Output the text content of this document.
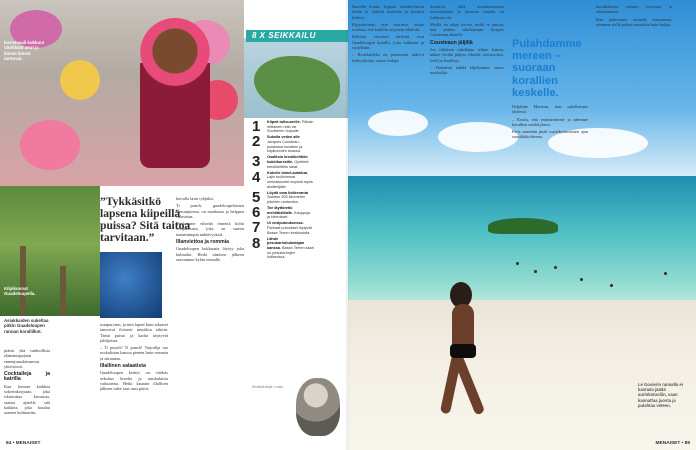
Karnevaali kukkuu! Värikkäät asut ja iloiset ilmeet tarttuvat.
8 X SEIKKAILU
Kilpikonnat Guadeloupella.
Asiakkaiden sukeltaa pitkin Guadeloupen rannan korallilkot.
”Tykkäsitkö lapsena kiipeillä puissa? Sitä taitoa tarvitaan.”

ptäisit yhä vanhoillisia elämäntapojaan ennenjumalaismessa yhteisössä.

Cocktaileja ja katrilla

Kun kuvaan kaikkea sokerinkorjuuta, joka rikastuttaa kuvausta, saatan ajatella sitä kaikkea, joka kuuluu saarten kulttuuriin.

rumpurytmi, ja niin lapset kuin aikuiset tanssivat iloisesti musiikin tahtiin. Tämä puisto ja kadut täyttyvät juhlijoista.

– Ti punch? Ti punch! Tarjoilija tuo ruokalistan kanssa pienen lasin rommia ja sitruunaa.

Illallinen salaatista

Guadeloupen keittiö on värikäs sekoitus kreolia ja ranskalaisia vaikutteita. Hetki kauniin illallisen jälkeen tulee taas uusi päivä.

kerralla lasin tyhjäksi.

Ti punch, guadeloupelaisten kansanjuoma, on maukasta ja helppoa valmistaa.

Vaeltamme vihreää rinnettä kohti vesiputousta, joka on saaren tunnetuimpia nähtävyyksiä.

Illanviettoa ja rommia

Guadeloupen kokkausta löytyy joka kulmalta. Hetki uimisen jälkeen saavumme kylän reunalle.

1 Kiipeä tulivuorelle. Päivän mittainen retki vie Soufrièren huipulle.
2 Sukella veden alle Jacques Cousteau -puistossa korallien ja kilpikonnien seassa.
3 Osallistu kreolikeittiön kokkikurssille. Opettele kreolikeittiön salat.
4 Kokeile laineLautailua. Lajin tuulisimmat ominaisuudet sopivat myös aloittelijalle.
5 Löydä oma liekkeranta Saarten 300 kilometrin pituinen rantaviiva.
6 Tee läyttöretki mehiläistilalle. Kauppoja ja kierrokset.
7 Ui vesiputouksessa. Parhaat putoukset löytyvät Basse-Terren keskiosista.
8 Lähde pesukarhutulustajan kanssa. Basse-Terren saari on pesukarhujen kotiseutua.
Henkilö/Lähde: Lorem
84 • MENAISET

Saarella kiinni, hyppää ekoaktivismin käsiin ja yhdistä matkailu ja kestävä kehitys.

Kipyttävämpi ovat seurassa, mutta osoittaa, että kaikilla on jotain tehtävää.

Kaloista erityisen tärkeitä ovat Guadeloupen korallit, joita tutkitaan ja suojellaan.

– Biotekniikka on paremmin näkyvä kehityskohta, sanoo tutkija.

ilmaston, tällä monimuotoisen merenelämän ja luonnon suojelu on kaikkien etu.

Meillä on aikaa kertoa, miltä se tuntuu, kun pääsee sukeltamaan Jacques Cousteaun alueelle.

Cousteaun jäljillä

Jos vähäisen sukeltajan silmin katsoo, näkee vesillä paljon vihreää: meriruohoa, leviä ja koralleja.

– Haluaisin nähdä kilpikonnia, sanoo matkailija.

Pulahdamme mereen – suoraan korallien keskelle.

Delphine Marsean, kun sukellamme yhdessä.

– Koulu, että ymmärrämme ja näemme korallien merkityksen.

Paris nimeään pitää vuosikymmenten ajan suosikkikohteena.

korallialueen sekaan, teoriassa jo aikaisemmin.

Kun pääsemme rannalle katsomaan, näemme siellä paljon muutakin kuin kaloja.

Le Gosierin rannalla ei kannata jäädä aurinkotuoliin, vaan kannattaa juosta ja pulahtaa veteen.
MENAISET • 85
